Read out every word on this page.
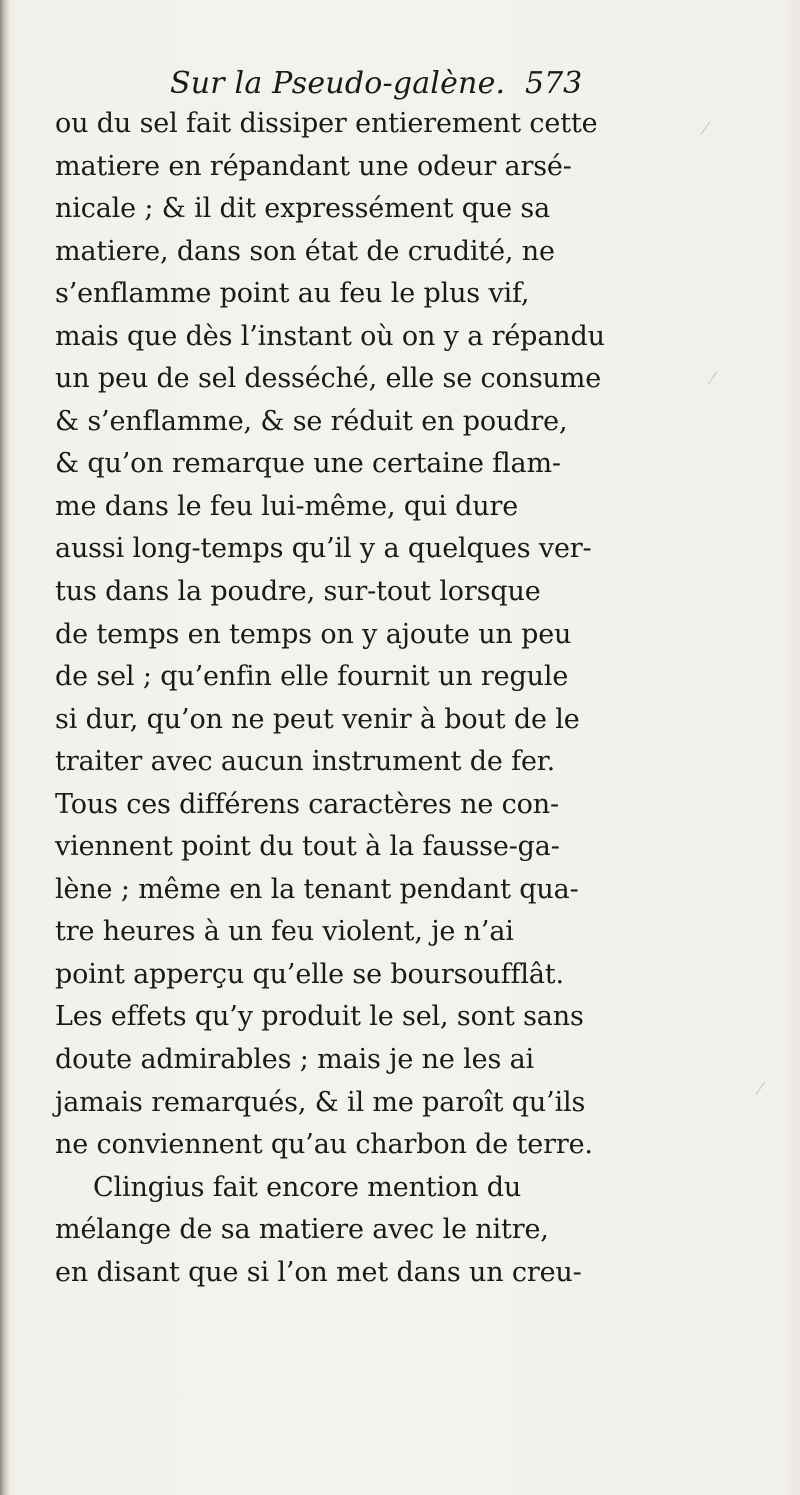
Sur la Pseudo-galène. 573
ou du sel fait dissiper entierement cette
matiere en répandant une odeur arsé-
nicale ; & il dit expressément que sa
matiere, dans son état de crudité, ne
s’enflamme point au feu le plus vif,
mais que dès l’instant où on y a répandu
un peu de sel desséché, elle se consume
& s’enflamme, & se réduit en poudre,
& qu’on remarque une certaine flam-
me dans le feu lui-même, qui dure
aussi long-temps qu’il y a quelques ver-
tus dans la poudre, sur-tout lorsque
de temps en temps on y ajoute un peu
de sel ; qu’enfin elle fournit un regule
si dur, qu’on ne peut venir à bout de le
traiter avec aucun instrument de fer.
Tous ces différens caractères ne con-
viennent point du tout à la fausse-ga-
lène ; même en la tenant pendant qua-
tre heures à un feu violent, je n’ai
point apperçu qu’elle se boursoufflât.
Les effets qu’y produit le sel, sont sans
doute admirables ; mais je ne les ai
jamais remarqués, & il me paroît qu’ils
ne conviennent qu’au charbon de terre.
Clingius fait encore mention du
mélange de sa matiere avec le nitre,
en disant que si l’on met dans un creu-
